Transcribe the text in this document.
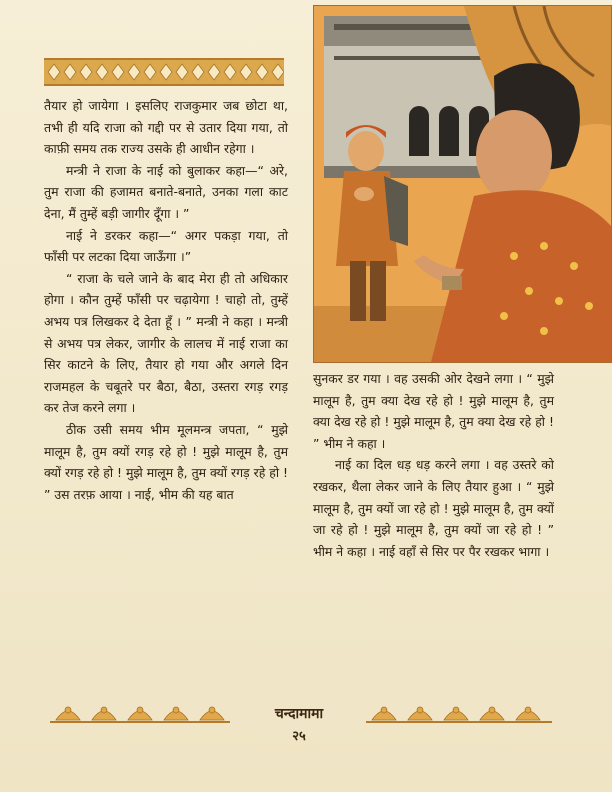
तैयार हो जायेगा । इसलिए राजकुमार जब छोटा था, तभी ही यदि राजा को गद्दी पर से उतार दिया गया, तो काफ़ी समय तक राज्य उसके ही आधीन रहेगा ।

मन्त्री ने राजा के नाई को बुलाकर कहा—“ अरे, तुम राजा की हजामत बनाते-बनाते, उनका गला काट देना, मैं तुम्हें बड़ी जागीर दूँगा । ”

नाई ने डरकर कहा—“ अगर पकड़ा गया, तो फाँसी पर लटका दिया जाऊँगा ।”

“ राजा के चले जाने के बाद मेरा ही तो अधिकार होगा । कौन तुम्हें फाँसी पर चढ़ायेगा ! चाहो तो, तुम्हें अभय पत्र लिखकर दे देता हूँ । ” मन्त्री ने कहा । मन्त्री से अभय पत्र लेकर, जागीर के लालच में नाई राजा का सिर काटने के लिए, तैयार हो गया और अगले दिन राजमहल के चबूतरे पर बैठा, बैठा, उस्तरा रगड़ रगड़ कर तेज करने लगा ।

ठीक उसी समय भीम मूलमन्त्र जपता, “ मुझे मालूम है, तुम क्यों रगड़ रहे हो ! मुझे मालूम है, तुम क्यों रगड़ रहे हो ! मुझे मालूम है, तुम क्यों रगड़ रहे हो ! ” उस तरफ़ आया । नाई, भीम की यह बात

सुनकर डर गया । वह उसकी ओर देखने लगा । “ मुझे मालूम है, तुम क्या देख रहे हो ! मुझे मालूम है, तुम क्या देख रहे हो ! मुझे मालूम है, तुम क्या देख रहे हो ! ” भीम ने कहा ।

नाई का दिल धड़ धड़ करने लगा । वह उस्तरे को रखकर, थैला लेकर जाने के लिए तैयार हुआ । “ मुझे मालूम है, तुम क्यों जा रहे हो ! मुझे मालूम है, तुम क्यों जा रहे हो ! मुझे मालूम है, तुम क्यों जा रहे हो ! ” भीम ने कहा । नाई वहाँ से सिर पर पैर रखकर भागा ।

चन्दामामा
२५
